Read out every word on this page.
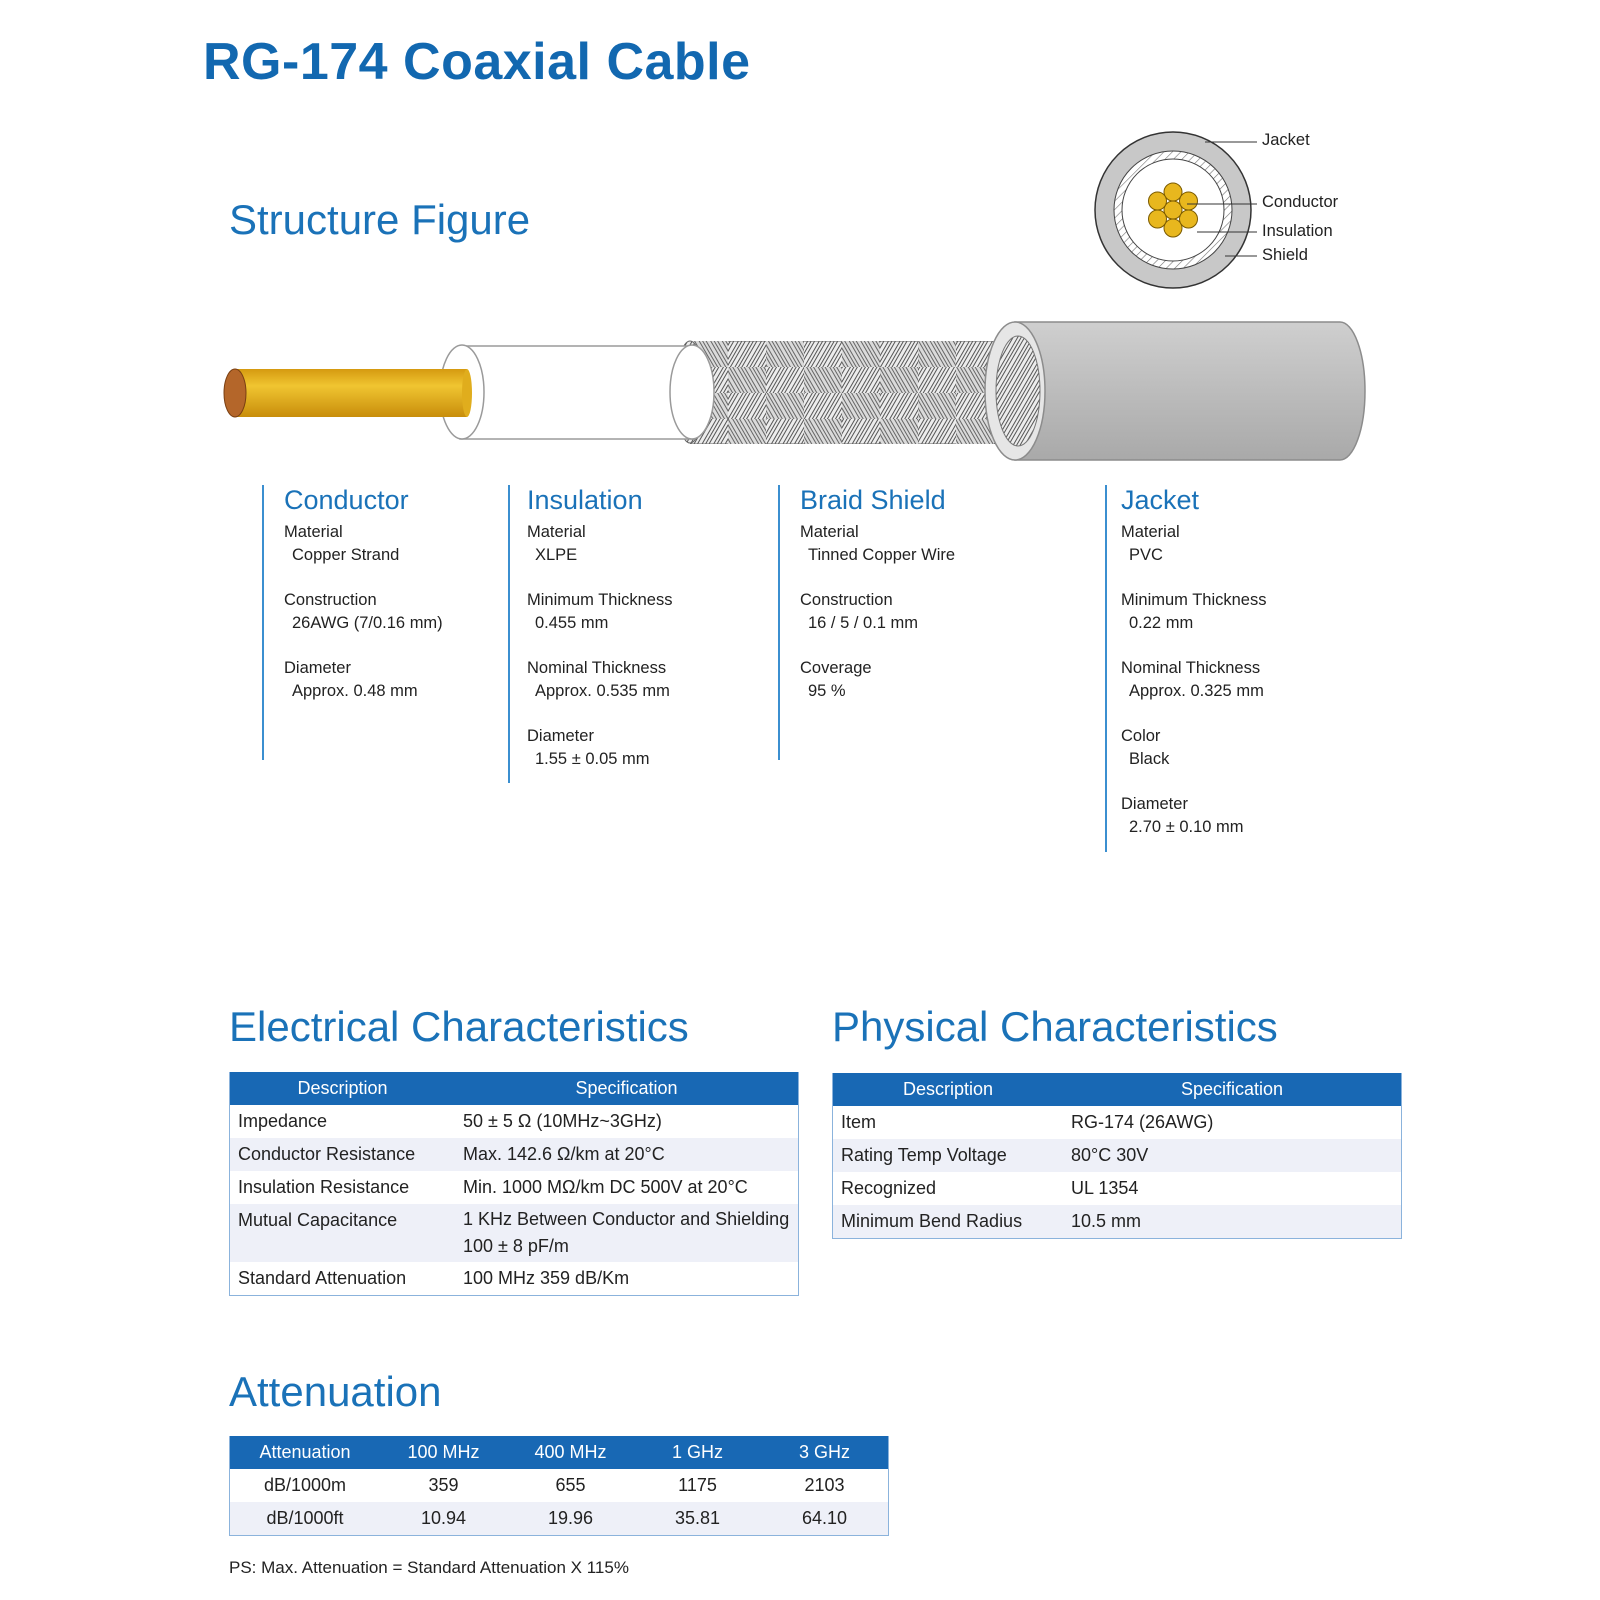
RG-174 Coaxial Cable
Structure Figure
Jacket
Conductor
Insulation
Shield
Conductor
Material
Copper Strand
Construction
26AWG (7/0.16 mm)
Diameter
Approx. 0.48 mm
Insulation
Material
XLPE
Minimum Thickness
0.455 mm
Nominal Thickness
Approx. 0.535 mm
Diameter
1.55 ± 0.05 mm
Braid Shield
Material
Tinned Copper Wire
Construction
16 / 5 / 0.1 mm
Coverage
95 %
Jacket
Material
PVC
Minimum Thickness
0.22 mm
Nominal Thickness
Approx. 0.325 mm
Color
Black
Diameter
2.70 ± 0.10 mm
Electrical Characteristics
Description	Specification
Impedance	50 ± 5 Ω (10MHz~3GHz)
Conductor Resistance	Max. 142.6 Ω/km at 20°C
Insulation Resistance	Min. 1000 MΩ/km DC 500V at 20°C
Mutual Capacitance	1 KHz Between Conductor and Shielding
100 ± 8 pF/m

Standard Attenuation	100 MHz 359 dB/Km
Physical Characteristics
Description	Specification
Item	RG-174 (26AWG)
Rating Temp Voltage	80°C 30V
Recognized	UL 1354
Minimum Bend Radius	10.5 mm
Attenuation
Attenuation	100 MHz	400 MHz	1 GHz	3 GHz
dB/1000m	359	655	1175	2103
dB/1000ft	10.94	19.96	35.81	64.10
PS: Max. Attenuation = Standard Attenuation X 115%
